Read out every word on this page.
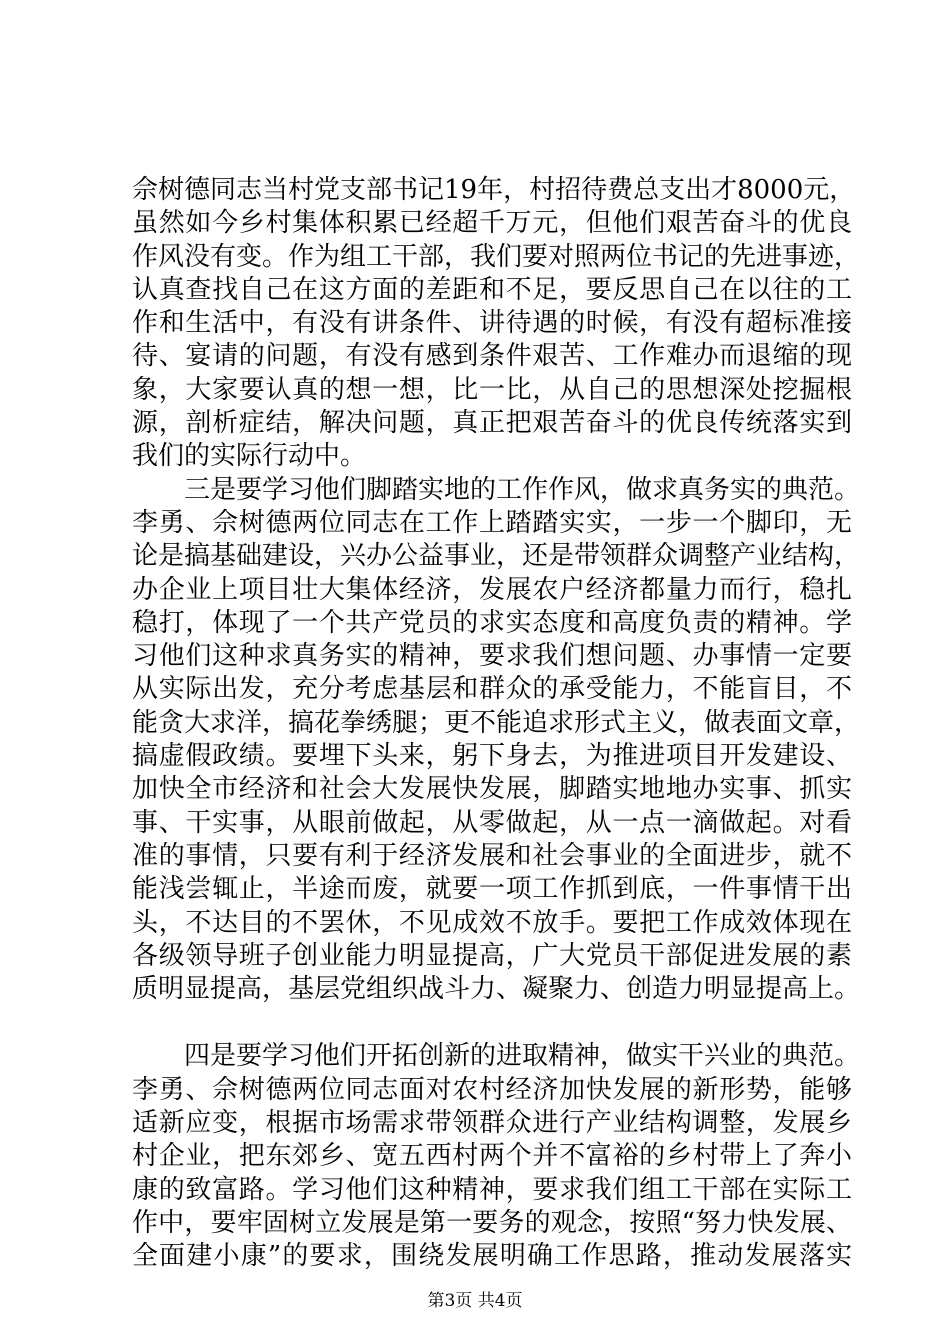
佘树德同志当村党支部书记19年，村招待费总支出才8000元，
虽然如今乡村集体积累已经超千万元，但他们艰苦奋斗的优良
作风没有变。作为组工干部，我们要对照两位书记的先进事迹，
认真查找自己在这方面的差距和不足，要反思自己在以往的工
作和生活中，有没有讲条件、讲待遇的时候，有没有超标准接
待、宴请的问题，有没有感到条件艰苦、工作难办而退缩的现
象，大家要认真的想一想，比一比，从自己的思想深处挖掘根
源，剖析症结，解决问题，真正把艰苦奋斗的优良传统落实到
我们的实际行动中。
三是要学习他们脚踏实地的工作作风，做求真务实的典范。
李勇、佘树德两位同志在工作上踏踏实实，一步一个脚印，无
论是搞基础建设，兴办公益事业，还是带领群众调整产业结构，
办企业上项目壮大集体经济，发展农户经济都量力而行，稳扎
稳打，体现了一个共产党员的求实态度和高度负责的精神。学
习他们这种求真务实的精神，要求我们想问题、办事情一定要
从实际出发，充分考虑基层和群众的承受能力，不能盲目，不
能贪大求洋，搞花拳绣腿；更不能追求形式主义，做表面文章，
搞虚假政绩。要埋下头来，躬下身去，为推进项目开发建设、
加快全市经济和社会大发展快发展，脚踏实地地办实事、抓实
事、干实事，从眼前做起，从零做起，从一点一滴做起。对看
准的事情，只要有利于经济发展和社会事业的全面进步，就不
能浅尝辄止，半途而废，就要一项工作抓到底，一件事情干出
头，不达目的不罢休，不见成效不放手。要把工作成效体现在
各级领导班子创业能力明显提高，广大党员干部促进发展的素
质明显提高，基层党组织战斗力、凝聚力、创造力明显提高上。
四是要学习他们开拓创新的进取精神，做实干兴业的典范。
李勇、佘树德两位同志面对农村经济加快发展的新形势，能够
适新应变，根据市场需求带领群众进行产业结构调整，发展乡
村企业，把东郊乡、宽五西村两个并不富裕的乡村带上了奔小
康的致富路。学习他们这种精神，要求我们组工干部在实际工
作中，要牢固树立发展是第一要务的观念，按照“努力快发展、
全面建小康”的要求，围绕发展明确工作思路，推动发展落实
第3页 共4页
